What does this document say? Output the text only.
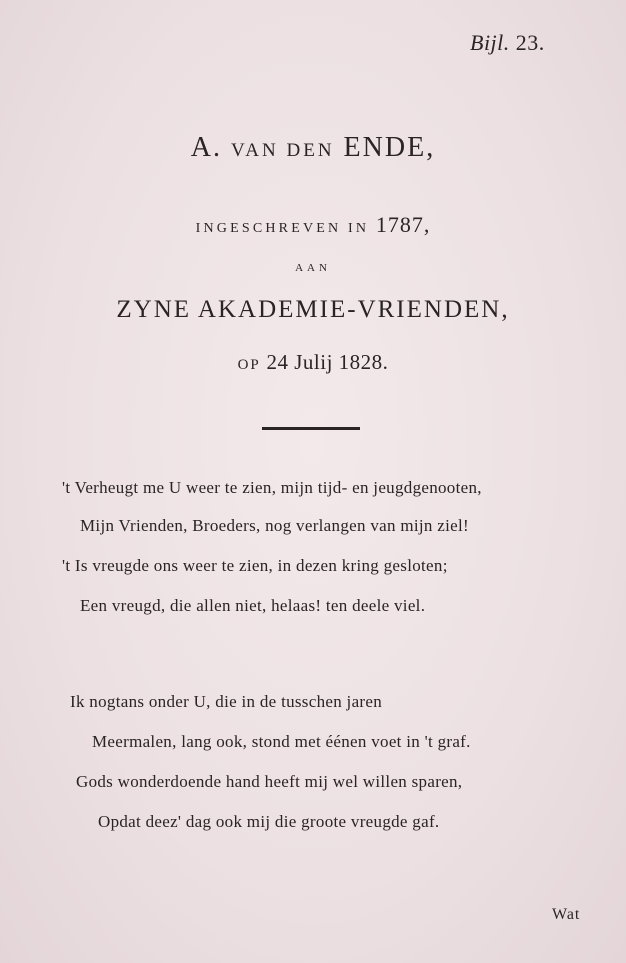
Bijl. 23.
A. VAN DEN ENDE,
INGESCHREVEN IN 1787,
AAN
ZYNE AKADEMIE-VRIENDEN,
OP 24 Julij 1828.
't Verheugt me U weer te zien, mijn tijd- en jeugdgenooten,
Mijn Vrienden, Broeders, nog verlangen van mijn ziel!
't Is vreugde ons weer te zien, in dezen kring gesloten;
Een vreugd, die allen niet, helaas! ten deele viel.
Ik nogtans onder U, die in de tusschen jaren
Meermalen, lang ook, stond met éénen voet in 't graf.
Gods wonderdoende hand heeft mij wel willen sparen,
Opdat deez' dag ook mij die groote vreugde gaf.
Wat
